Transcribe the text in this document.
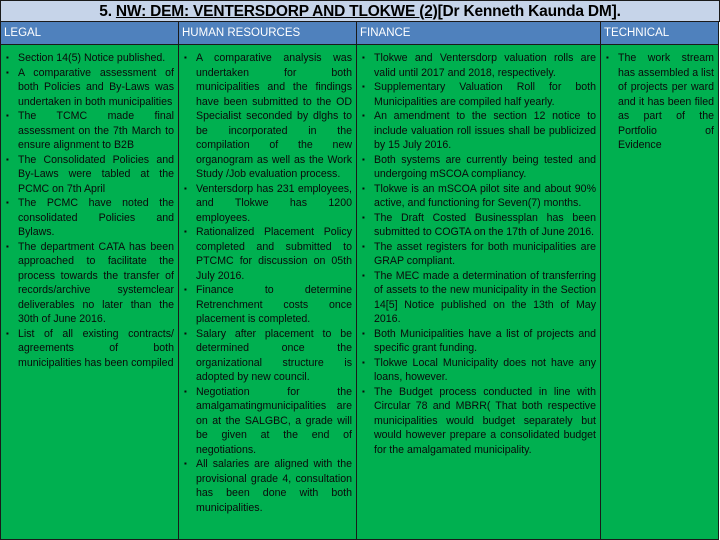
5. NW: DEM: VENTERSDORP AND TLOKWE (2)[Dr Kenneth Kaunda DM].
LEGAL	HUMAN RESOURCES	FINANCE	TECHNICAL

▪ Section 14(5) Notice published.
▪ A comparative assessment of both Policies and By-Laws was undertaken in both municipalities
▪ The TCMC made final assessment on the 7th March to ensure alignment to B2B
▪ The Consolidated Policies and By-Laws were tabled at the PCMC on 7th April
▪ The PCMC have noted the consolidated Policies and Bylaws.
▪ The department CATA has been approached to facilitate the process towards the transfer of records/archive systemclear deliverables no later than the 30th of June 2016.
▪ List of all existing contracts/ agreements of both municipalities has been compiled

▪ A comparative analysis was undertaken for both municipalities and the findings have been submitted to the OD Specialist seconded by dlghs to be incorporated in the compilation of the new organogram as well as the Work Study /Job evaluation process.
▪ Ventersdorp has 231 employees, and Tlokwe has 1200 employees.
▪ Rationalized Placement Policy completed and submitted to PTCMC for discussion on 05th July 2016.
▪ Finance to determine Retrenchment costs once placement is completed.
▪ Salary after placement to be determined once the organizational structure is adopted by new council.
▪ Negotiation for the amalgamatingmunicipalities are on at the SALGBC, a grade will be given at the end of negotiations.
▪ All salaries are aligned with the provisional grade 4, consultation has been done with both municipalities.

▪ Tlokwe and Ventersdorp valuation rolls are valid until 2017 and 2018, respectively.
▪ Supplementary Valuation Roll for both Municipalities are compiled half yearly.
▪ An amendment to the section 12 notice to include valuation roll issues shall be publicized by 15 July 2016.
▪ Both systems are currently being tested and undergoing mSCOA compliancy.
▪ Tlokwe is an mSCOA pilot site and about 90% active, and functioning for Seven(7) months.
▪ The Draft Costed Businessplan has been submitted to COGTA on the 17th of June 2016.
▪ The asset registers for both municipalities are GRAP compliant.
▪ The MEC made a determination of transferring of assets to the new municipality in the Section 14[5] Notice published on the 13th of May 2016.
▪ Both Municipalities have a list of projects and specific grant funding.
▪ Tlokwe Local Municipality does not have any loans, however.
▪ The Budget process conducted in line with Circular 78 and MBRR( That both respective municipalities would budget separately but would however prepare a consolidated budget for the amalgamated municipality.

▪ The work stream has assembled a list of projects per ward and it has been filed as part of the Portfolio of Evidence
